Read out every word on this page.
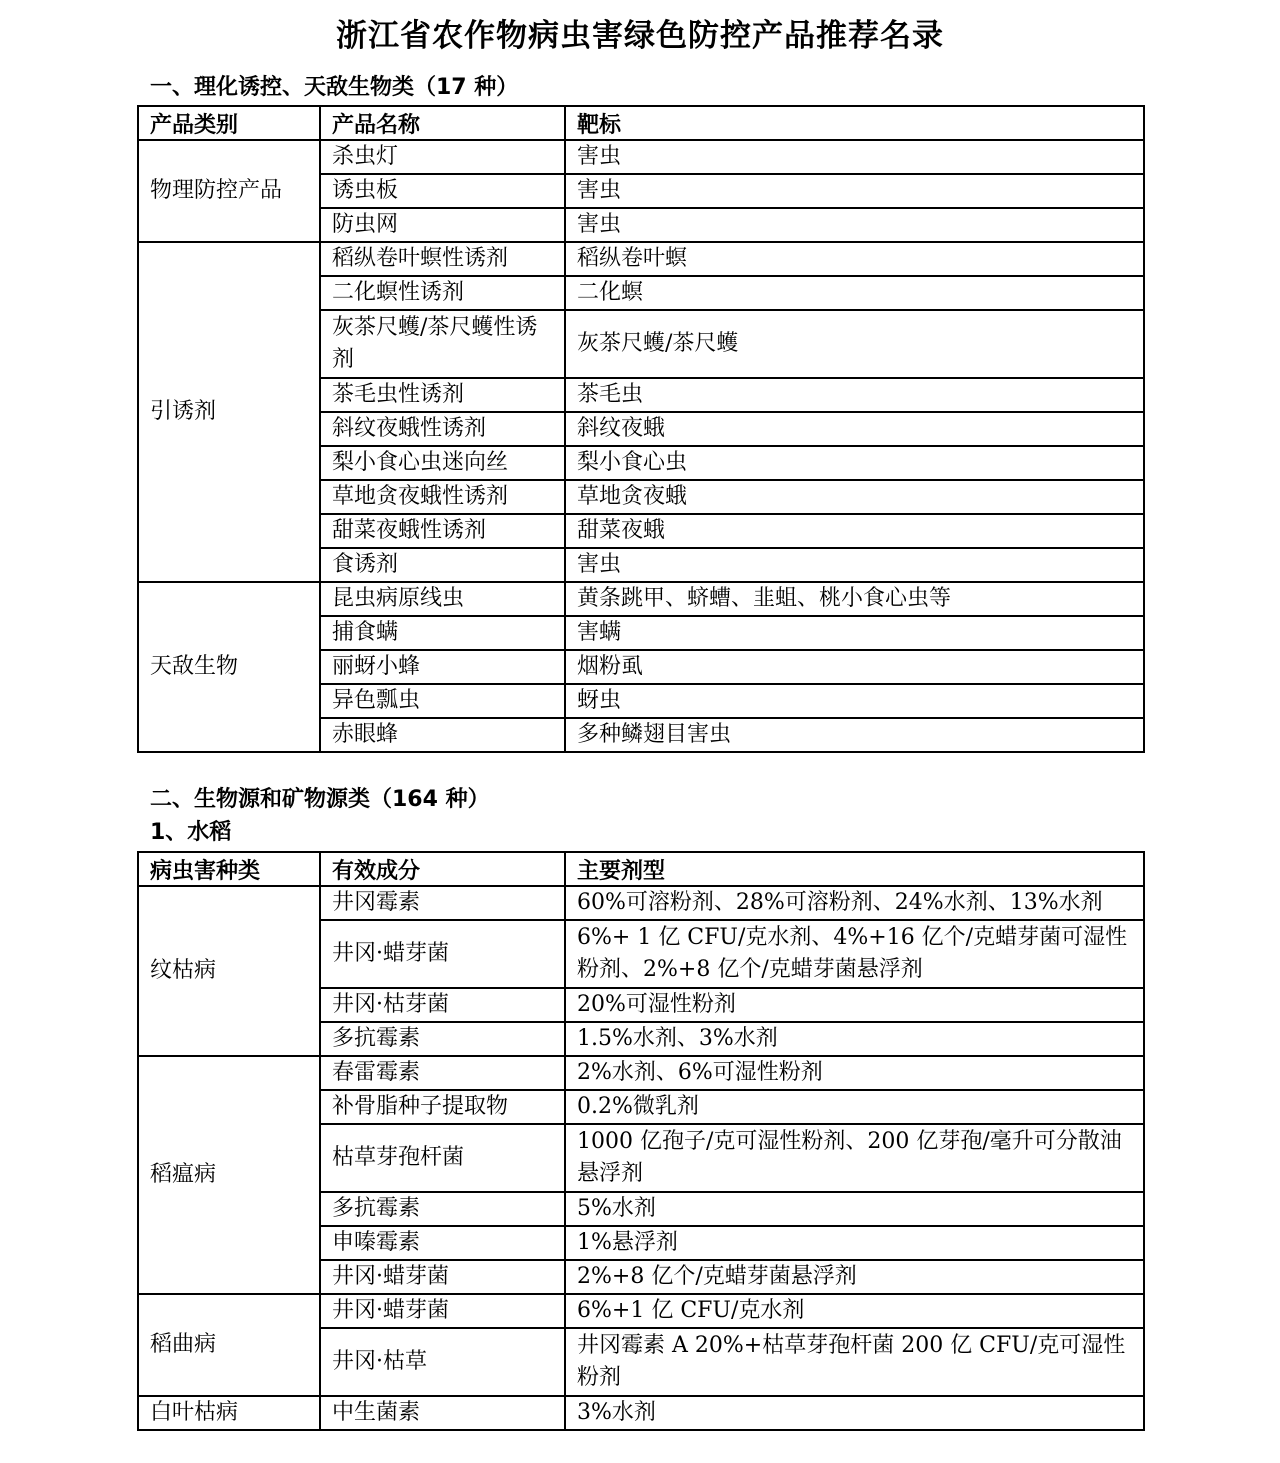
浙江省农作物病虫害绿色防控产品推荐名录
一、理化诱控、天敌生物类（17 种）
产品类别	产品名称	靶标
物理防控产品	杀虫灯	害虫
	诱虫板	害虫
	防虫网	害虫
引诱剂	稻纵卷叶螟性诱剂	稻纵卷叶螟
	二化螟性诱剂	二化螟
	灰茶尺蠖/茶尺蠖性诱剂	灰茶尺蠖/茶尺蠖
	茶毛虫性诱剂	茶毛虫
	斜纹夜蛾性诱剂	斜纹夜蛾
	梨小食心虫迷向丝	梨小食心虫
	草地贪夜蛾性诱剂	草地贪夜蛾
	甜菜夜蛾性诱剂	甜菜夜蛾
	食诱剂	害虫
天敌生物	昆虫病原线虫	黄条跳甲、蛴螬、韭蛆、桃小食心虫等
	捕食螨	害螨
	丽蚜小蜂	烟粉虱
	异色瓢虫	蚜虫
	赤眼蜂	多种鳞翅目害虫
二、生物源和矿物源类（164 种）
1、水稻
病虫害种类	有效成分	主要剂型
纹枯病	井冈霉素	60%可溶粉剂、28%可溶粉剂、24%水剂、13%水剂
	井冈·蜡芽菌	6%+ 1 亿 CFU/克水剂、4%+16 亿个/克蜡芽菌可湿性粉剂、2%+8 亿个/克蜡芽菌悬浮剂
	井冈·枯芽菌	20%可湿性粉剂
	多抗霉素	1.5%水剂、3%水剂
稻瘟病	春雷霉素	2%水剂、6%可湿性粉剂
	补骨脂种子提取物	0.2%微乳剂
	枯草芽孢杆菌	1000 亿孢子/克可湿性粉剂、200 亿芽孢/毫升可分散油悬浮剂
	多抗霉素	5%水剂
	申嗪霉素	1%悬浮剂
	井冈·蜡芽菌	2%+8 亿个/克蜡芽菌悬浮剂
稻曲病	井冈·蜡芽菌	6%+1 亿 CFU/克水剂
	井冈·枯草	井冈霉素 A 20%+枯草芽孢杆菌 200 亿 CFU/克可湿性粉剂
白叶枯病	中生菌素	3%水剂
